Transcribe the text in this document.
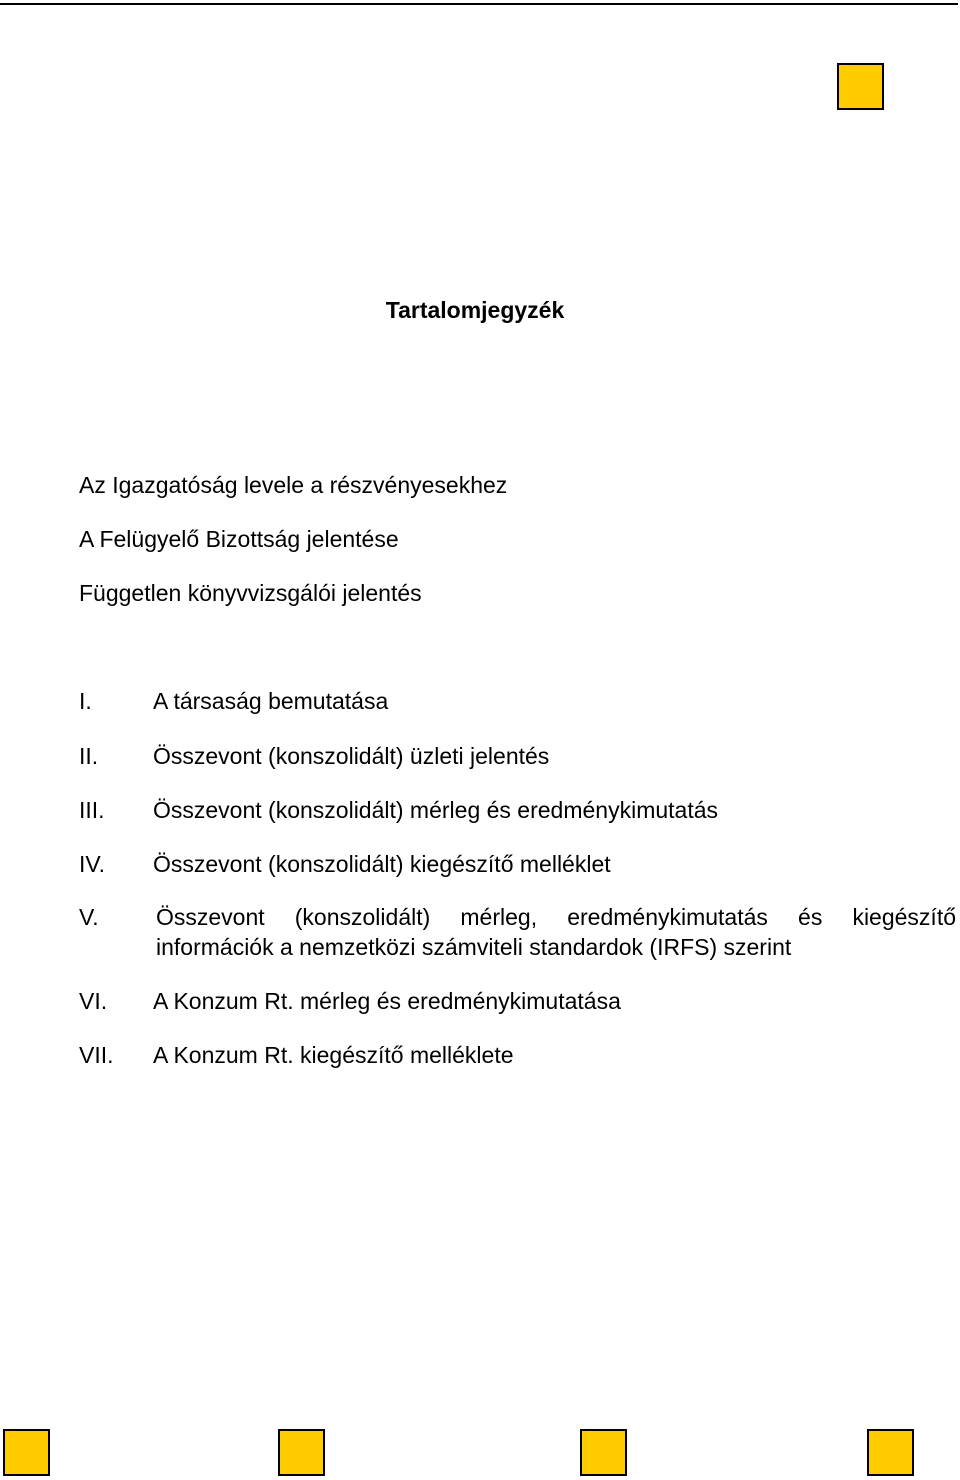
Tartalomjegyzék
Az Igazgatóság levele a részvényesekhez
A Felügyelő Bizottság jelentése
Független könyvvizsgálói jelentés
I.	A társaság bemutatása
II. Összevont (konszolidált) üzleti jelentés
III. Összevont (konszolidált) mérleg és eredménykimutatás
IV. Összevont (konszolidált) kiegészítő melléklet
V. Összevont (konszolidált) mérleg, eredménykimutatás és kiegészítő
információk a nemzetközi számviteli standardok (IRFS) szerint
VI. A Konzum Rt. mérleg és eredménykimutatása
VII. A Konzum Rt. kiegészítő melléklete
